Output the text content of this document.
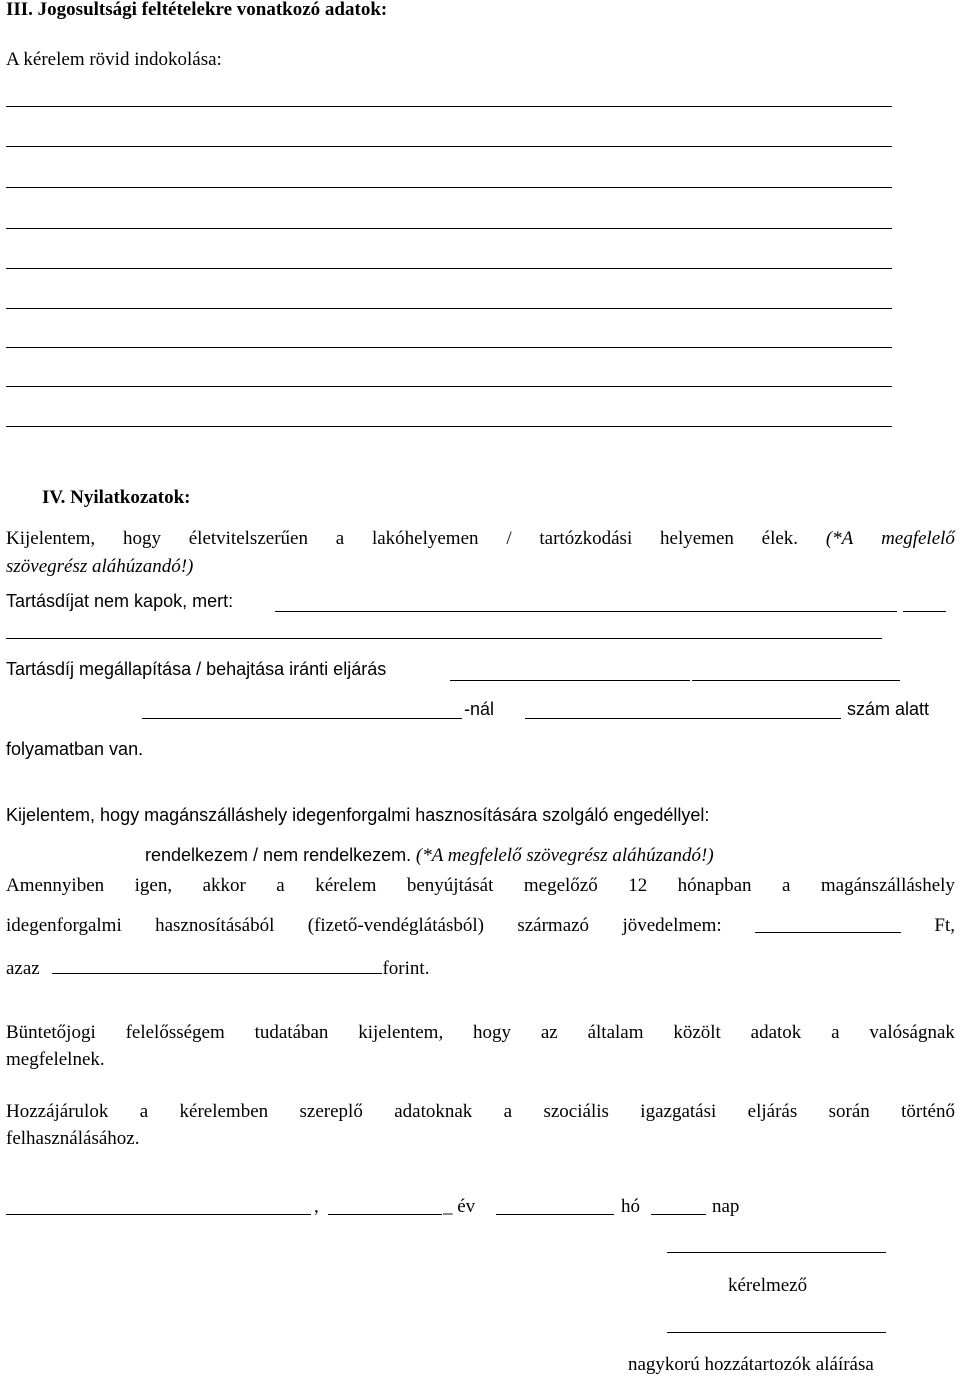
III. Jogosultsági feltételekre vonatkozó adatok:
A kérelem rövid indokolása:
IV. Nyilatkozatok:
Kijelentem, hogy életvitelszerűen a lakóhelyemen / tartózkodási helyemen élek. (*A megfelelő
szövegrész aláhúzandó!)
Tartásdíjat nem kapok, mert:
Tartásdíj megállapítása / behajtása iránti eljárás
-nál	szám alatt
folyamatban van.
Kijelentem, hogy magánszálláshely idegenforgalmi hasznosítására szolgáló engedéllyel:
rendelkezem / nem rendelkezem. (*A megfelelő szövegrész aláhúzandó!)
Amennyiben igen, akkor a kérelem benyújtását megelőző 12 hónapban a magánszálláshely
idegenforgalmi hasznosításából (fizető-vendéglátásból) származó jövedelmem:	Ft,
azaz	forint.
Büntetőjogi felelősségem tudatában kijelentem, hogy az általam közölt adatok a valóságnak
megfelelnek.
Hozzájárulok a kérelemben szereplő adatoknak a szociális igazgatási eljárás során történő
felhasználásához.
,	_ év	hó	nap
kérelmező
nagykorú hozzátartozók aláírása
